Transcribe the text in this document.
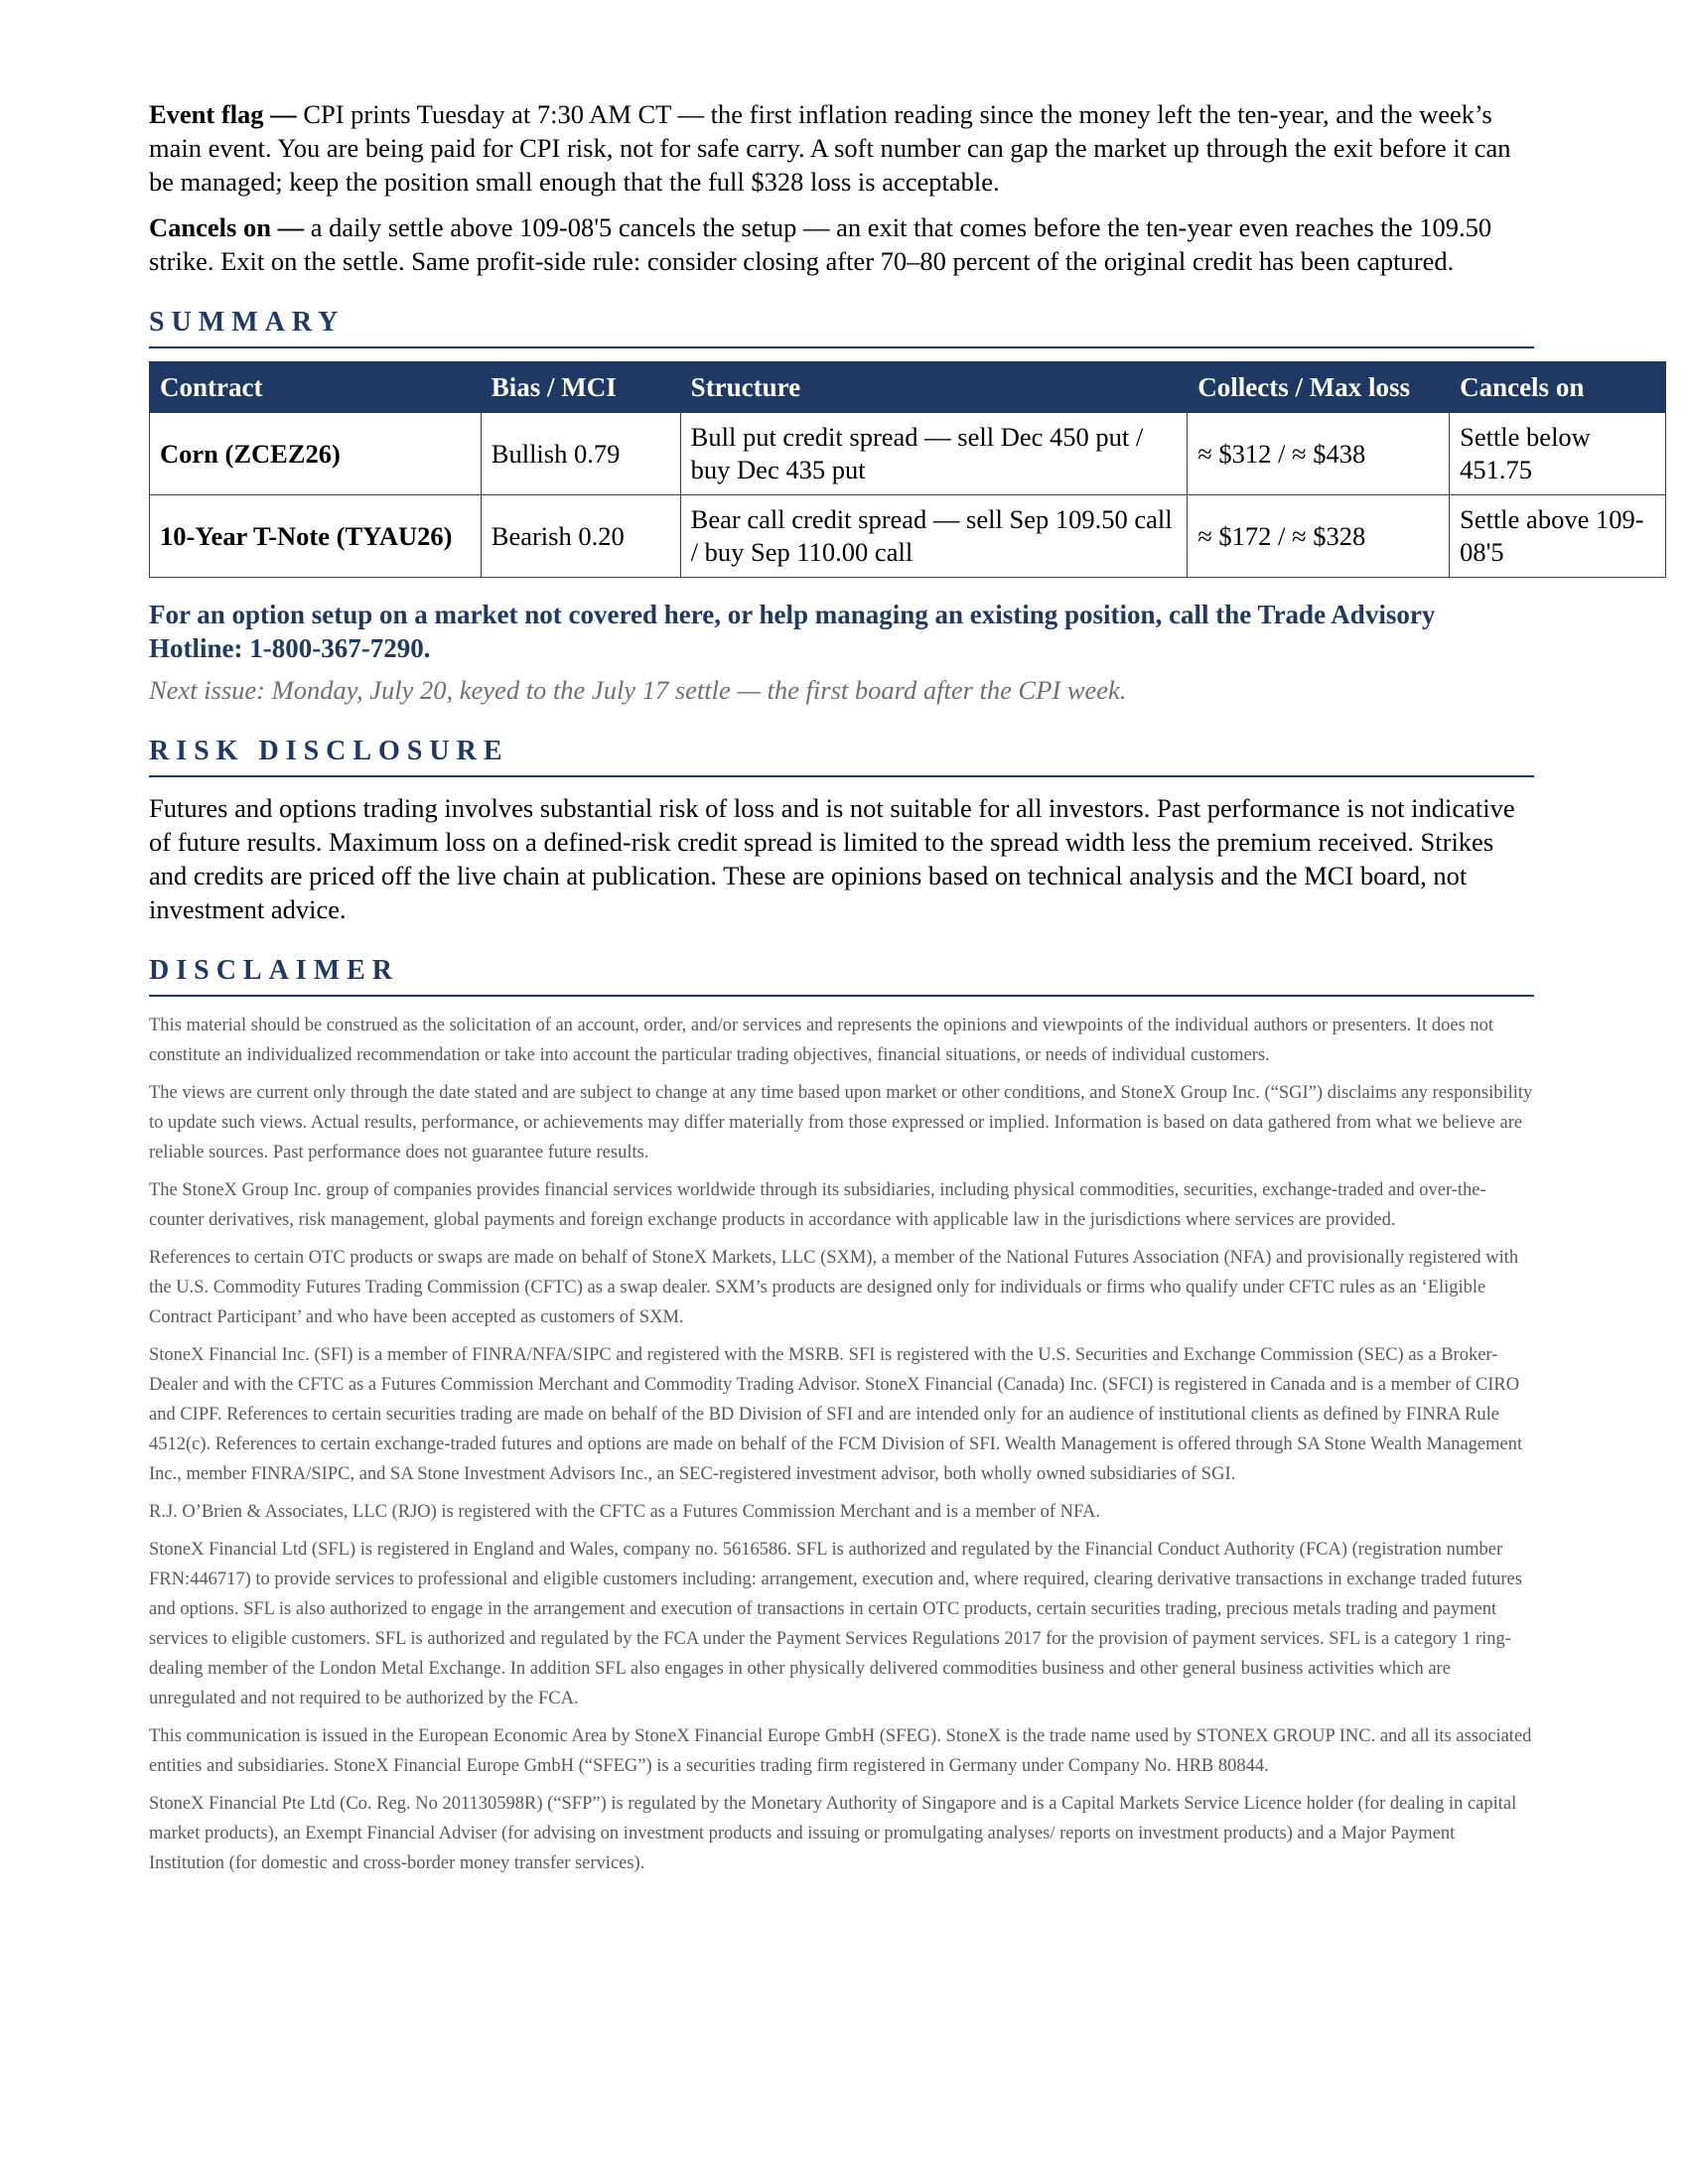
Event flag — CPI prints Tuesday at 7:30 AM CT — the first inflation reading since the money left the ten-year, and the week’s main event. You are being paid for CPI risk, not for safe carry. A soft number can gap the market up through the exit before it can be managed; keep the position small enough that the full $328 loss is acceptable.

Cancels on — a daily settle above 109-08'5 cancels the setup — an exit that comes before the ten-year even reaches the 109.50 strike. Exit on the settle. Same profit-side rule: consider closing after 70–80 percent of the original credit has been captured.

SUMMARY
Contract	Bias / MCI	Structure	Collects / Max loss	Cancels on
Corn (ZCEZ26)	Bullish 0.79	Bull put credit spread — sell Dec 450 put / buy Dec 435 put	≈ $312 / ≈ $438	Settle below 451.75
10-Year T-Note (TYAU26)	Bearish 0.20	Bear call credit spread — sell Sep 109.50 call / buy Sep 110.00 call	≈ $172 / ≈ $328	Settle above 109-08'5

For an option setup on a market not covered here, or help managing an existing position, call the Trade Advisory Hotline: 1-800-367-7290.

Next issue: Monday, July 20, keyed to the July 17 settle — the first board after the CPI week.

RISK DISCLOSURE

Futures and options trading involves substantial risk of loss and is not suitable for all investors. Past performance is not indicative of future results. Maximum loss on a defined-risk credit spread is limited to the spread width less the premium received. Strikes and credits are priced off the live chain at publication. These are opinions based on technical analysis and the MCI board, not investment advice.

DISCLAIMER

This material should be construed as the solicitation of an account, order, and/or services and represents the opinions and viewpoints of the individual authors or presenters. It does not constitute an individualized recommendation or take into account the particular trading objectives, financial situations, or needs of individual customers.

The views are current only through the date stated and are subject to change at any time based upon market or other conditions, and StoneX Group Inc. (“SGI”) disclaims any responsibility to update such views. Actual results, performance, or achievements may differ materially from those expressed or implied. Information is based on data gathered from what we believe are reliable sources. Past performance does not guarantee future results.

The StoneX Group Inc. group of companies provides financial services worldwide through its subsidiaries, including physical commodities, securities, exchange-traded and over-the-counter derivatives, risk management, global payments and foreign exchange products in accordance with applicable law in the jurisdictions where services are provided.

References to certain OTC products or swaps are made on behalf of StoneX Markets, LLC (SXM), a member of the National Futures Association (NFA) and provisionally registered with the U.S. Commodity Futures Trading Commission (CFTC) as a swap dealer. SXM’s products are designed only for individuals or firms who qualify under CFTC rules as an ‘Eligible Contract Participant’ and who have been accepted as customers of SXM.

StoneX Financial Inc. (SFI) is a member of FINRA/NFA/SIPC and registered with the MSRB. SFI is registered with the U.S. Securities and Exchange Commission (SEC) as a Broker-Dealer and with the CFTC as a Futures Commission Merchant and Commodity Trading Advisor. StoneX Financial (Canada) Inc. (SFCI) is registered in Canada and is a member of CIRO and CIPF. References to certain securities trading are made on behalf of the BD Division of SFI and are intended only for an audience of institutional clients as defined by FINRA Rule 4512(c). References to certain exchange-traded futures and options are made on behalf of the FCM Division of SFI. Wealth Management is offered through SA Stone Wealth Management Inc., member FINRA/SIPC, and SA Stone Investment Advisors Inc., an SEC-registered investment advisor, both wholly owned subsidiaries of SGI.

R.J. O’Brien & Associates, LLC (RJO) is registered with the CFTC as a Futures Commission Merchant and is a member of NFA.

StoneX Financial Ltd (SFL) is registered in England and Wales, company no. 5616586. SFL is authorized and regulated by the Financial Conduct Authority (FCA) (registration number FRN:446717) to provide services to professional and eligible customers including: arrangement, execution and, where required, clearing derivative transactions in exchange traded futures and options. SFL is also authorized to engage in the arrangement and execution of transactions in certain OTC products, certain securities trading, precious metals trading and payment services to eligible customers. SFL is authorized and regulated by the FCA under the Payment Services Regulations 2017 for the provision of payment services. SFL is a category 1 ring-dealing member of the London Metal Exchange. In addition SFL also engages in other physically delivered commodities business and other general business activities which are unregulated and not required to be authorized by the FCA.

This communication is issued in the European Economic Area by StoneX Financial Europe GmbH (SFEG). StoneX is the trade name used by STONEX GROUP INC. and all its associated entities and subsidiaries. StoneX Financial Europe GmbH (“SFEG”) is a securities trading firm registered in Germany under Company No. HRB 80844.

StoneX Financial Pte Ltd (Co. Reg. No 201130598R) (“SFP”) is regulated by the Monetary Authority of Singapore and is a Capital Markets Service Licence holder (for dealing in capital market products), an Exempt Financial Adviser (for advising on investment products and issuing or promulgating analyses/ reports on investment products) and a Major Payment Institution (for domestic and cross-border money transfer services).
